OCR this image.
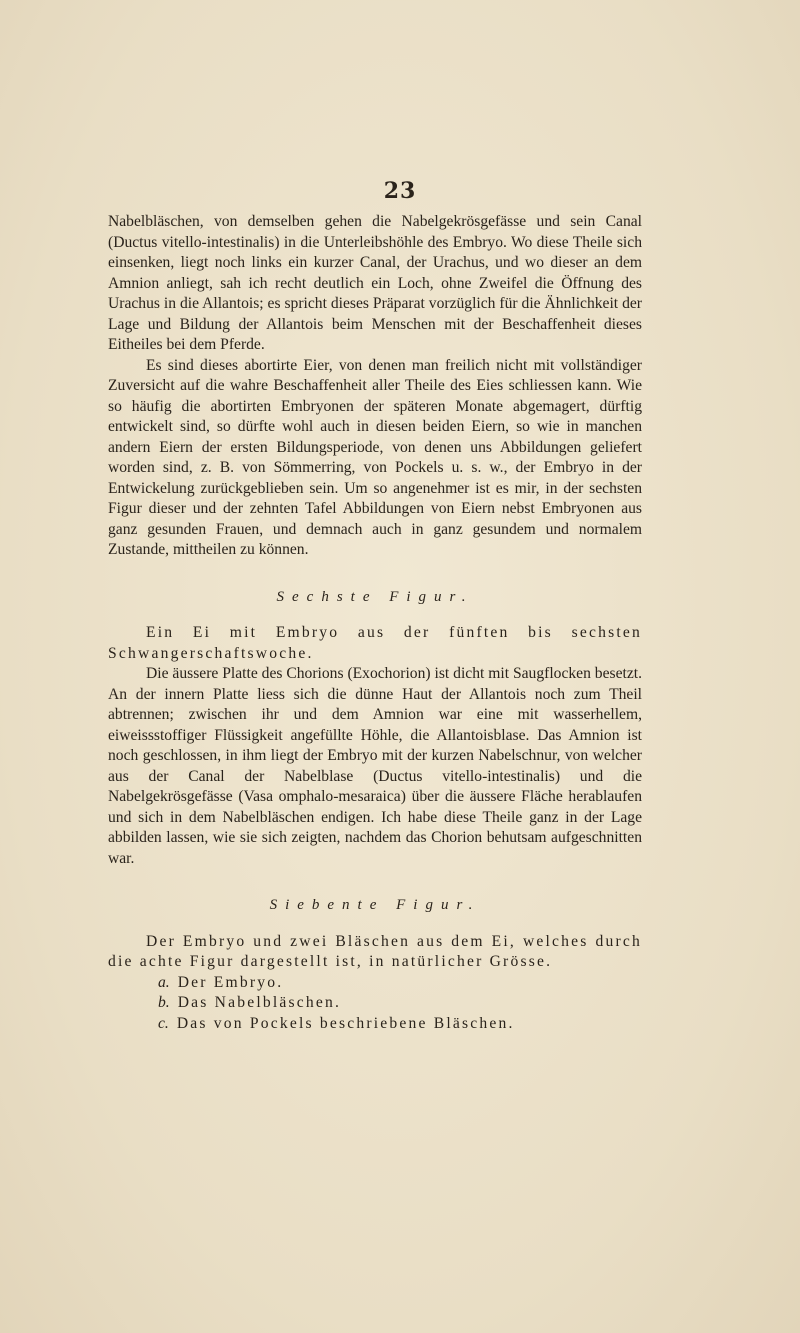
23

Nabelbläschen, von demselben gehen die Nabelgekrösgefässe und sein Canal (Ductus vitello-intestinalis) in die Unterleibshöhle des Embryo. Wo diese Theile sich einsenken, liegt noch links ein kurzer Canal, der Urachus, und wo dieser an dem Amnion anliegt, sah ich recht deutlich ein Loch, ohne Zweifel die Öffnung des Urachus in die Allantois; es spricht dieses Präparat vorzüglich für die Ähnlichkeit der Lage und Bildung der Allantois beim Menschen mit der Beschaffenheit dieses Eitheiles bei dem Pferde.

Es sind dieses abortirte Eier, von denen man freilich nicht mit vollständiger Zuversicht auf die wahre Beschaffenheit aller Theile des Eies schliessen kann. Wie so häufig die abortirten Embryonen der späteren Monate abgemagert, dürftig entwickelt sind, so dürfte wohl auch in diesen beiden Eiern, so wie in manchen andern Eiern der ersten Bildungsperiode, von denen uns Abbildungen geliefert worden sind, z. B. von Sömmerring, von Pockels u. s. w., der Embryo in der Entwickelung zurückgeblieben sein. Um so angenehmer ist es mir, in der sechsten Figur dieser und der zehnten Tafel Abbildungen von Eiern nebst Embryonen aus ganz gesunden Frauen, und demnach auch in ganz gesundem und normalem Zustande, mittheilen zu können.

Sechste Figur.

Ein Ei mit Embryo aus der fünften bis sechsten Schwangerschaftswoche.

Die äussere Platte des Chorions (Exochorion) ist dicht mit Saugflocken besetzt. An der innern Platte liess sich die dünne Haut der Allantois noch zum Theil abtrennen; zwischen ihr und dem Amnion war eine mit wasserhellem, eiweissstoffiger Flüssigkeit angefüllte Höhle, die Allantoisblase. Das Amnion ist noch geschlossen, in ihm liegt der Embryo mit der kurzen Nabelschnur, von welcher aus der Canal der Nabelblase (Ductus vitello-intestinalis) und die Nabelgekrösgefässe (Vasa omphalo-mesaraica) über die äussere Fläche herablaufen und sich in dem Nabelbläschen endigen. Ich habe diese Theile ganz in der Lage abbilden lassen, wie sie sich zeigten, nachdem das Chorion behutsam aufgeschnitten war.

Siebente Figur.

Der Embryo und zwei Bläschen aus dem Ei, welches durch die achte Figur dargestellt ist, in natürlicher Grösse.

a. Der Embryo.
b. Das Nabelbläschen.
c. Das von Pockels beschriebene Bläschen.
